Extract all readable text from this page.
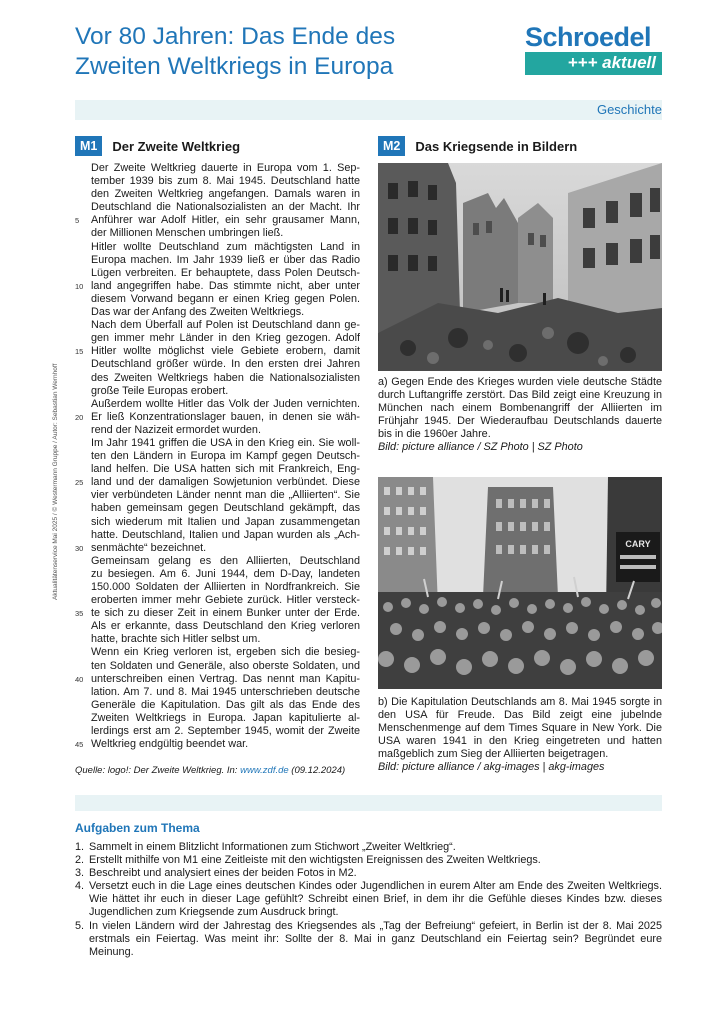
Vor 80 Jahren: Das Ende des
Zweiten Weltkriegs in Europa
Schroedel
+++ aktuell
Geschichte
Aktualitätenservice Mai 2025 / © Westermann Gruppe / Autor: Sebastian Wernhoff
M1	Der Zweite Weltkrieg	M2	Das Kriegsende in Bildern
5
10
15
20
25
30
35
40
45
Der Zweite Weltkrieg dauerte in Europa vom 1. Sep-
tember 1939 bis zum 8. Mai 1945. Deutschland hatte
den Zweiten Weltkrieg angefangen. Damals waren in
Deutschland die Nationalsozialisten an der Macht. Ihr
Anführer war Adolf Hitler, ein sehr grausamer Mann,
der Millionen Menschen umbringen ließ.
Hitler wollte Deutschland zum mächtigsten Land in
Europa machen. Im Jahr 1939 ließ er über das Radio
Lügen verbreiten. Er behauptete, dass Polen Deutsch-
land angegriffen habe. Das stimmte nicht, aber unter
diesem Vorwand begann er einen Krieg gegen Polen.
Das war der Anfang des Zweiten Weltkriegs.
Nach dem Überfall auf Polen ist Deutschland dann ge-
gen immer mehr Länder in den Krieg gezogen. Adolf
Hitler wollte möglichst viele Gebiete erobern, damit
Deutschland größer würde. In den ersten drei Jahren
des Zweiten Weltkriegs haben die Nationalsozialisten
große Teile Europas erobert.
Außerdem wollte Hitler das Volk der Juden vernichten.
Er ließ Konzentrationslager bauen, in denen sie wäh-
rend der Nazizeit ermordet wurden.
Im Jahr 1941 griffen die USA in den Krieg ein. Sie woll-
ten den Ländern in Europa im Kampf gegen Deutsch-
land helfen. Die USA hatten sich mit Frankreich, Eng-
land und der damaligen Sowjetunion verbündet. Diese
vier verbündeten Länder nennt man die „Alliierten“. Sie
haben gemeinsam gegen Deutschland gekämpft, das
sich wiederum mit Italien und Japan zusammengetan
hatte. Deutschland, Italien und Japan wurden als „Ach-
senmächte“ bezeichnet.
Gemeinsam gelang es den Alliierten, Deutschland
zu besiegen. Am 6. Juni 1944, dem D-Day, landeten
150.000 Soldaten der Alliierten in Nordfrankreich. Sie
eroberten immer mehr Gebiete zurück. Hitler versteck-
te sich zu dieser Zeit in einem Bunker unter der Erde.
Als er erkannte, dass Deutschland den Krieg verloren
hatte, brachte sich Hitler selbst um.
Wenn ein Krieg verloren ist, ergeben sich die besieg-
ten Soldaten und Generäle, also oberste Soldaten, und
unterschreiben einen Vertrag. Das nennt man Kapitu-
lation. Am 7. und 8. Mai 1945 unterschrieben deutsche
Generäle die Kapitulation. Das gilt als das Ende des
Zweiten Weltkriegs in Europa. Japan kapitulierte al-
lerdings erst am 2. September 1945, womit der Zweite
Weltkrieg endgültig beendet war.
Quelle: logo!: Der Zweite Weltkrieg. In: www.zdf.de (09.12.2024)
a) Gegen Ende des Krieges wurden viele deutsche Städte durch Luftangriffe zerstört. Das Bild zeigt eine Kreuzung in München nach einem Bombenangriff der Alliierten im Frühjahr 1945. Der Wiederaufbau Deutschlands dauerte bis in die 1960er Jahre.
Bild: picture alliance / SZ Photo | SZ Photo
CARY
b) Die Kapitulation Deutschlands am 8. Mai 1945 sorgte in den USA für Freude. Das Bild zeigt eine jubelnde Menschenmenge auf dem Times Square in New York. Die USA waren 1941 in den Krieg eingetreten und hatten maßgeblich zum Sieg der Alliierten beigetragen.
Bild: picture alliance / akg-images | akg-images
Aufgaben zum Thema
1. Sammelt in einem Blitzlicht Informationen zum Stichwort „Zweiter Weltkrieg“.
2. Erstellt mithilfe von M1 eine Zeitleiste mit den wichtigsten Ereignissen des Zweiten Weltkriegs.
3. Beschreibt und analysiert eines der beiden Fotos in M2.
4. Versetzt euch in die Lage eines deutschen Kindes oder Jugendlichen in eurem Alter am Ende des Zweiten Weltkriegs. Wie hättet ihr euch in dieser Lage gefühlt? Schreibt einen Brief, in dem ihr die Gefühle dieses Kindes bzw. dieses Jugendlichen zum Kriegsende zum Ausdruck bringt.
5. In vielen Ländern wird der Jahrestag des Kriegsendes als „Tag der Befreiung“ gefeiert, in Berlin ist der 8. Mai 2025 erstmals ein Feiertag. Was meint ihr: Sollte der 8. Mai in ganz Deutschland ein Feiertag sein? Begründet eure Meinung.
